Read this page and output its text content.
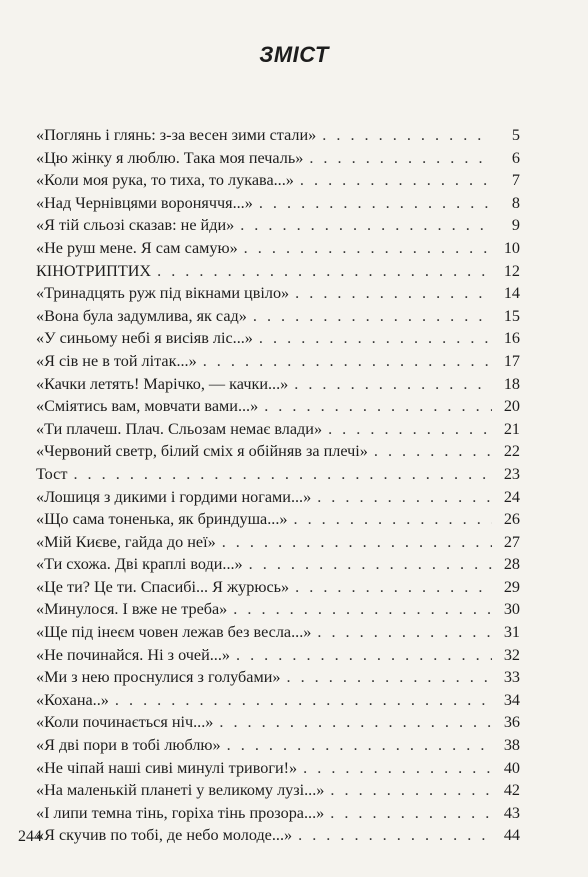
ЗМІСТ
«Поглянь і глянь: з-за весен зими стали» . . .	5
«Цю жінку я люблю. Така моя печаль» . . .	6
«Коли моя рука, то тиха, то лукава...» . . .	7
«Над Чернівцями вороняччя...» . . .	8
«Я тій сльозі сказав: не йди» . . .	9
«Не руш мене. Я сам самую» . . .	10
КІНОТРИПТИХ . . .	12
«Тринадцять руж під вікнами цвіло» . . .	14
«Вона була задумлива, як сад» . . .	15
«У синьому небі я висіяв ліс...» . . .	16
«Я сів не в той літак...» . . .	17
«Качки летять! Марічко, — качки...» . . .	18
«Сміятись вам, мовчати вами...» . . .	20
«Ти плачеш. Плач. Сльозам немає влади» . . .	21
«Червоний светр, білий сміх я обійняв за плечі» . . .	22
Тост . . .	23
«Лошиця з дикими і гордими ногами...» . . .	24
«Що сама тоненька, як бриндуша...» . . .	26
«Мій Києве, гайда до неї» . . .	27
«Ти схожа. Дві краплі води...» . . .	28
«Це ти? Це ти. Спасибі... Я журюсь» . . .	29
«Минулося. І вже не треба» . . .	30
«Ще під інеєм човен лежав без весла...» . . .	31
«Не починайся. Ні з очей...» . . .	32
«Ми з нею проснулися з голубами» . . .	33
«Кохана..» . . .	34
«Коли починається ніч...» . . .	36
«Я дві пори в тобі люблю» . . .	38
«Не чіпай наші сиві минулі тривоги!» . . .	40
«На маленькій планеті у великому лузі...» . . .	42
«І липи темна тінь, горіха тінь прозора...» . . .	43
«Я скучив по тобі, де небо молоде...» . . .	44
244
